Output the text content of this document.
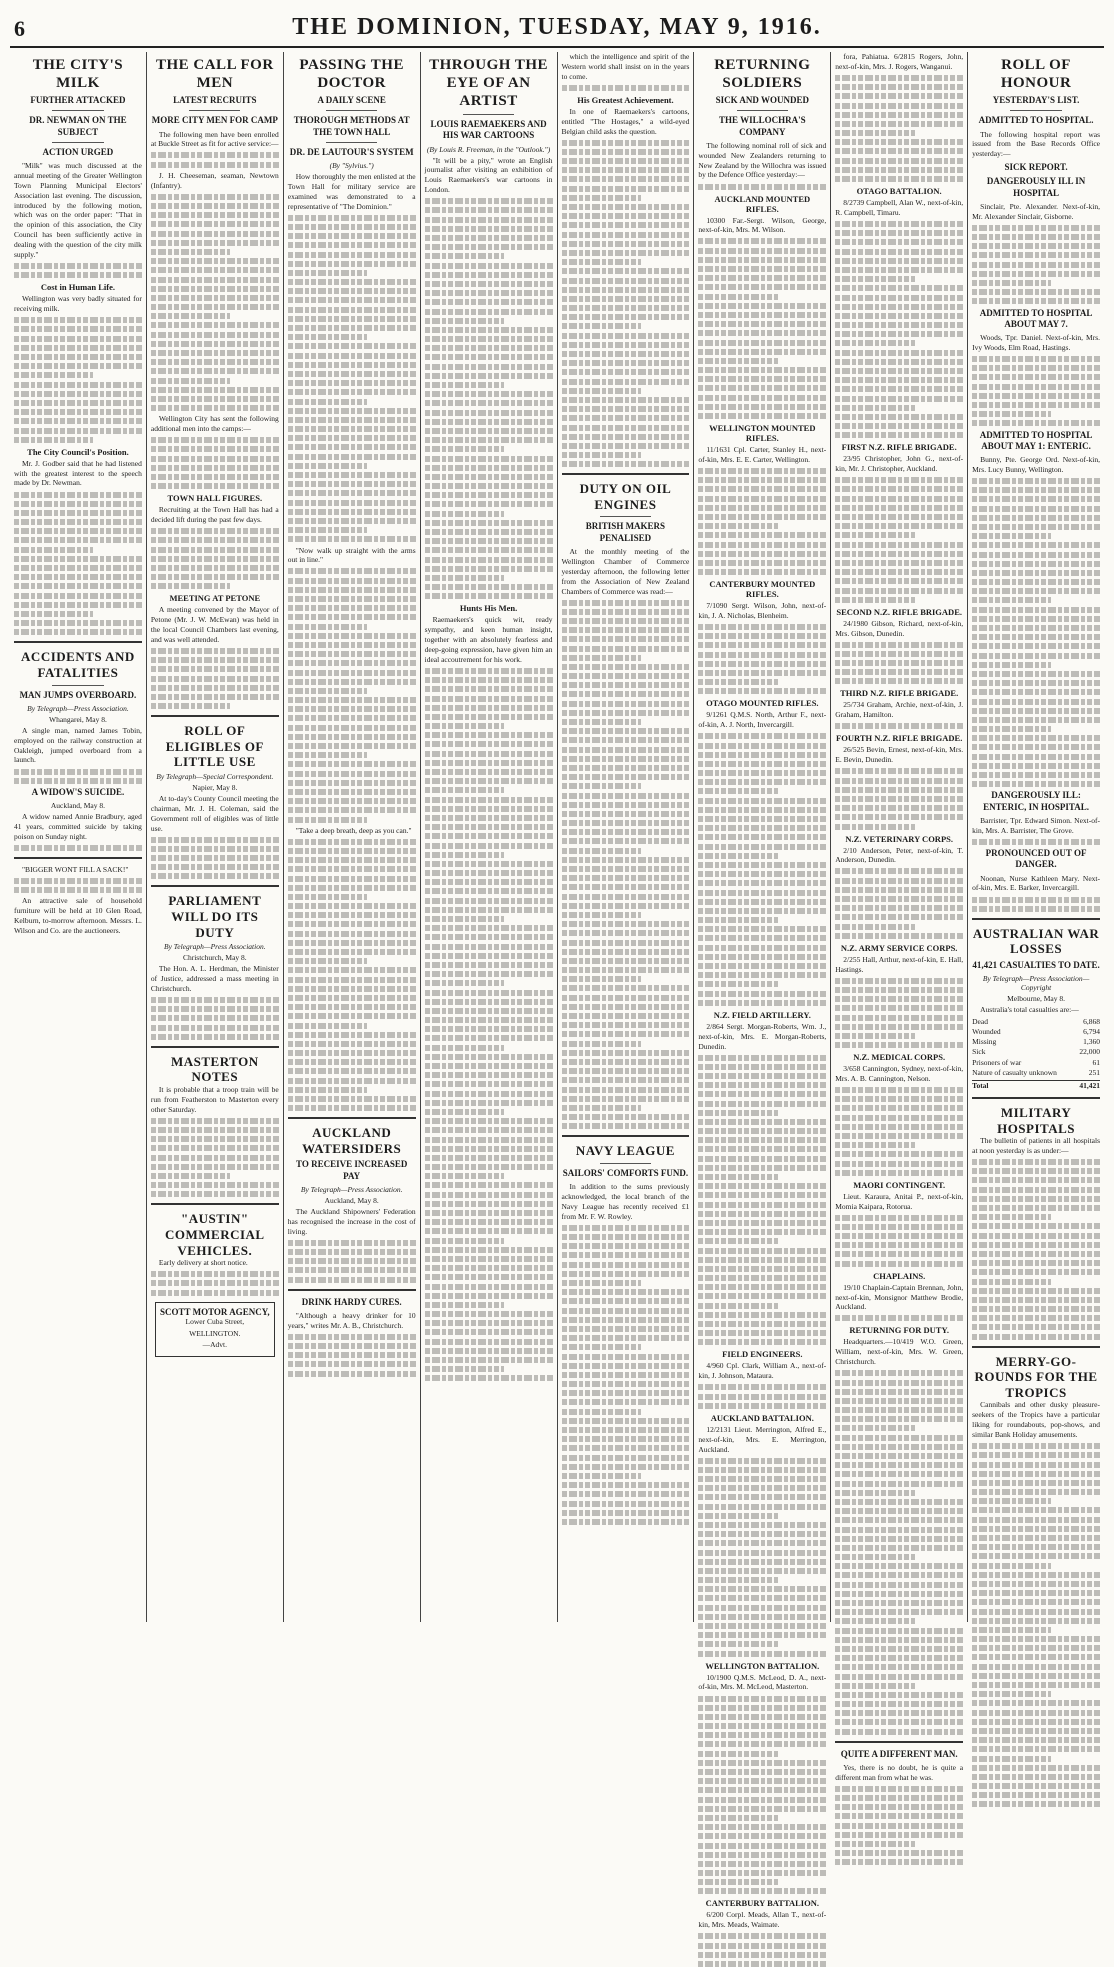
6	THE DOMINION, TUESDAY, MAY 9, 1916.
THE CITY'S MILK
FURTHER ATTACKED
DR. NEWMAN ON THE SUBJECT
ACTION URGED

"Milk" was much discussed at the annual meeting of the Greater Wellington Town Planning Municipal Electors' Association last evening. The discussion, introduced by the following motion, which was on the order paper: "That in the opinion of this association, the City Council has been sufficiently active in dealing with the question of the city milk supply."

Cost in Human Life.

Wellington was very badly situated for receiving milk.

The City Council's Position.

Mr. J. Godber said that he had listened with the greatest interest to the speech made by Dr. Newman.

ACCIDENTS AND FATALITIES
MAN JUMPS OVERBOARD.
By Telegraph—Press Association.
Whangarei, May 8.

A single man, named James Tobin, employed on the railway construction at Oakleigh, jumped overboard from a launch.

A WIDOW'S SUICIDE.
Auckland, May 8.

A widow named Annie Bradbury, aged 41 years, committed suicide by taking poison on Sunday night.

"BIGGER WONT FILL A SACK!"

An attractive sale of household furniture will be held at 10 Glen Road, Kelburn, to-morrow afternoon. Messrs. L. Wilson and Co. are the auctioneers.

THE CALL FOR MEN
LATEST RECRUITS
MORE CITY MEN FOR CAMP

The following men have been enrolled at Buckle Street as fit for active service:—

J. H. Cheeseman, seaman, Newtown (Infantry).

Wellington City has sent the following additional men into the camps:—

TOWN HALL FIGURES.

Recruiting at the Town Hall has had a decided lift during the past few days.

MEETING AT PETONE

A meeting convened by the Mayor of Petone (Mr. J. W. McEwan) was held in the local Council Chambers last evening, and was well attended.

ROLL OF ELIGIBLES OF LITTLE USE
By Telegraph—Special Correspondent.
Napier, May 8.

At to-day's County Council meeting the chairman, Mr. J. H. Coleman, said the Government roll of eligibles was of little use.

PARLIAMENT WILL DO ITS DUTY
By Telegraph—Press Association.
Christchurch, May 8.

The Hon. A. L. Herdman, the Minister of Justice, addressed a mass meeting in Christchurch.

MASTERTON NOTES

It is probable that a troop train will be run from Featherston to Masterton every other Saturday.

"AUSTIN" COMMERCIAL VEHICLES.

Early delivery at short notice.

SCOTT MOTOR AGENCY,

Lower Cuba Street,

WELLINGTON.

—Advt.

PASSING THE DOCTOR
A DAILY SCENE
THOROUGH METHODS AT THE TOWN HALL
DR. DE LAUTOUR'S SYSTEM
(By "Sylvius.")

How thoroughly the men enlisted at the Town Hall for military service are examined was demonstrated to a representative of "The Dominion."

"Now walk up straight with the arms out in line."

"Take a deep breath, deep as you can."

AUCKLAND WATERSIDERS
TO RECEIVE INCREASED PAY
By Telegraph—Press Association.
Auckland, May 8.

The Auckland Shipowners' Federation has recognised the increase in the cost of living.

DRINK HARDY CURES.

"Although a heavy drinker for 10 years," writes Mr. A. B., Christchurch.

THROUGH THE EYE OF AN ARTIST
LOUIS RAEMAEKERS AND HIS WAR CARTOONS
(By Louis R. Freeman, in the "Outlook.")

"It will be a pity," wrote an English journalist after visiting an exhibition of Louis Raemaekers's war cartoons in London.

Hunts His Men.

Raemaekers's quick wit, ready sympathy, and keen human insight, together with an absolutely fearless and deep-going expression, have given him an ideal accoutrement for his work.

which the intelligence and spirit of the Western world shall insist on in the years to come.

His Greatest Achievement.

In one of Raemaekers's cartoons, entitled "The Hostages," a wild-eyed Belgian child asks the question.

DUTY ON OIL ENGINES
BRITISH MAKERS PENALISED

At the monthly meeting of the Wellington Chamber of Commerce yesterday afternoon, the following letter from the Association of New Zealand Chambers of Commerce was read:—

NAVY LEAGUE
SAILORS' COMFORTS FUND.

In addition to the sums previously acknowledged, the local branch of the Navy League has recently received £1 from Mr. F. W. Rowley.

RETURNING SOLDIERS
SICK AND WOUNDED
THE WILLOCHRA'S COMPANY

The following nominal roll of sick and wounded New Zealanders returning to New Zealand by the Willochra was issued by the Defence Office yesterday:—

AUCKLAND MOUNTED RIFLES.

10300 Far.-Sergt. Wilson, George, next-of-kin, Mrs. M. Wilson.

WELLINGTON MOUNTED RIFLES.

11/1631 Cpl. Carter, Stanley H., next-of-kin, Mrs. E. E. Carter, Wellington.

CANTERBURY MOUNTED RIFLES.

7/1090 Sergt. Wilson, John, next-of-kin, J. A. Nicholas, Blenheim.

OTAGO MOUNTED RIFLES.

9/1261 Q.M.S. North, Arthur F., next-of-kin, A. J. North, Invercargill.

N.Z. FIELD ARTILLERY.

2/864 Sergt. Morgan-Roberts, Wm. J., next-of-kin, Mrs. E. Morgan-Roberts, Dunedin.

FIELD ENGINEERS.

4/960 Cpl. Clark, William A., next-of-kin, J. Johnson, Mataura.

AUCKLAND BATTALION.

12/2131 Lieut. Merrington, Alfred E., next-of-kin, Mrs. E. Merrington, Auckland.

WELLINGTON BATTALION.

10/1900 Q.M.S. McLeod, D. A., next-of-kin, Mrs. M. McLeod, Masterton.

CANTERBURY BATTALION.

6/200 Corpl. Meads, Allan T., next-of-kin, Mrs. Meads, Waimate.

fora, Pahiatua. 6/2815 Rogers, John, next-of-kin, Mrs. J. Rogers, Wanganui.

OTAGO BATTALION.

8/2739 Campbell, Alan W., next-of-kin, R. Campbell, Timaru.

FIRST N.Z. RIFLE BRIGADE.

23/95 Christopher, John G., next-of-kin, Mr. J. Christopher, Auckland.

SECOND N.Z. RIFLE BRIGADE.

24/1980 Gibson, Richard, next-of-kin, Mrs. Gibson, Dunedin.

THIRD N.Z. RIFLE BRIGADE.

25/734 Graham, Archie, next-of-kin, J. Graham, Hamilton.

FOURTH N.Z. RIFLE BRIGADE.

26/525 Bevin, Ernest, next-of-kin, Mrs. E. Bevin, Dunedin.

N.Z. VETERINARY CORPS.

2/10 Anderson, Peter, next-of-kin, T. Anderson, Dunedin.

N.Z. ARMY SERVICE CORPS.

2/255 Hall, Arthur, next-of-kin, E. Hall, Hastings.

N.Z. MEDICAL CORPS.

3/658 Cannington, Sydney, next-of-kin, Mrs. A. B. Cannington, Nelson.

MAORI CONTINGENT.

Lieut. Karaura, Anitai P., next-of-kin, Momia Kaipara, Rotorua.

CHAPLAINS.

19/10 Chaplain-Captain Brennan, John, next-of-kin, Monsignor Matthew Brodie, Auckland.

RETURNING FOR DUTY.

Headquarters.—10/419 W.O. Green, William, next-of-kin, Mrs. W. Green, Christchurch.

QUITE A DIFFERENT MAN.

Yes, there is no doubt, he is quite a different man from what he was.

ROLL OF HONOUR
YESTERDAY'S LIST.
ADMITTED TO HOSPITAL.

The following hospital report was issued from the Base Records Office yesterday:—

SICK REPORT.
DANGEROUSLY ILL IN HOSPITAL

Sinclair, Pte. Alexander. Next-of-kin, Mr. Alexander Sinclair, Gisborne.

ADMITTED TO HOSPITAL ABOUT MAY 7.

Woods, Tpr. Daniel. Next-of-kin, Mrs. Ivy Woods, Elm Road, Hastings.

ADMITTED TO HOSPITAL ABOUT MAY 1: ENTERIC.

Bunny, Pte. George Ord. Next-of-kin, Mrs. Lucy Bunny, Wellington.

DANGEROUSLY ILL: ENTERIC, IN HOSPITAL.

Barrister, Tpr. Edward Simon. Next-of-kin, Mrs. A. Barrister, The Grove.

PRONOUNCED OUT OF DANGER.

Noonan, Nurse Kathleen Mary. Next-of-kin, Mrs. E. Barker, Invercargill.

AUSTRALIAN WAR LOSSES
41,421 CASUALTIES TO DATE.
By Telegraph—Press Association—Copyright
Melbourne, May 8.

Australia's total casualties are:—

Dead	6,868
Wounded	6,794
Missing	1,360
Sick	22,000
Prisoners of war	61
Nature of casualty unknown	251
Total	41,421
MILITARY HOSPITALS

The bulletin of patients in all hospitals at noon yesterday is as under:—

MERRY-GO-ROUNDS FOR THE TROPICS

Cannibals and other dusky pleasure-seekers of the Tropics have a particular liking for roundabouts, pop-shows, and similar Bank Holiday amusements.
